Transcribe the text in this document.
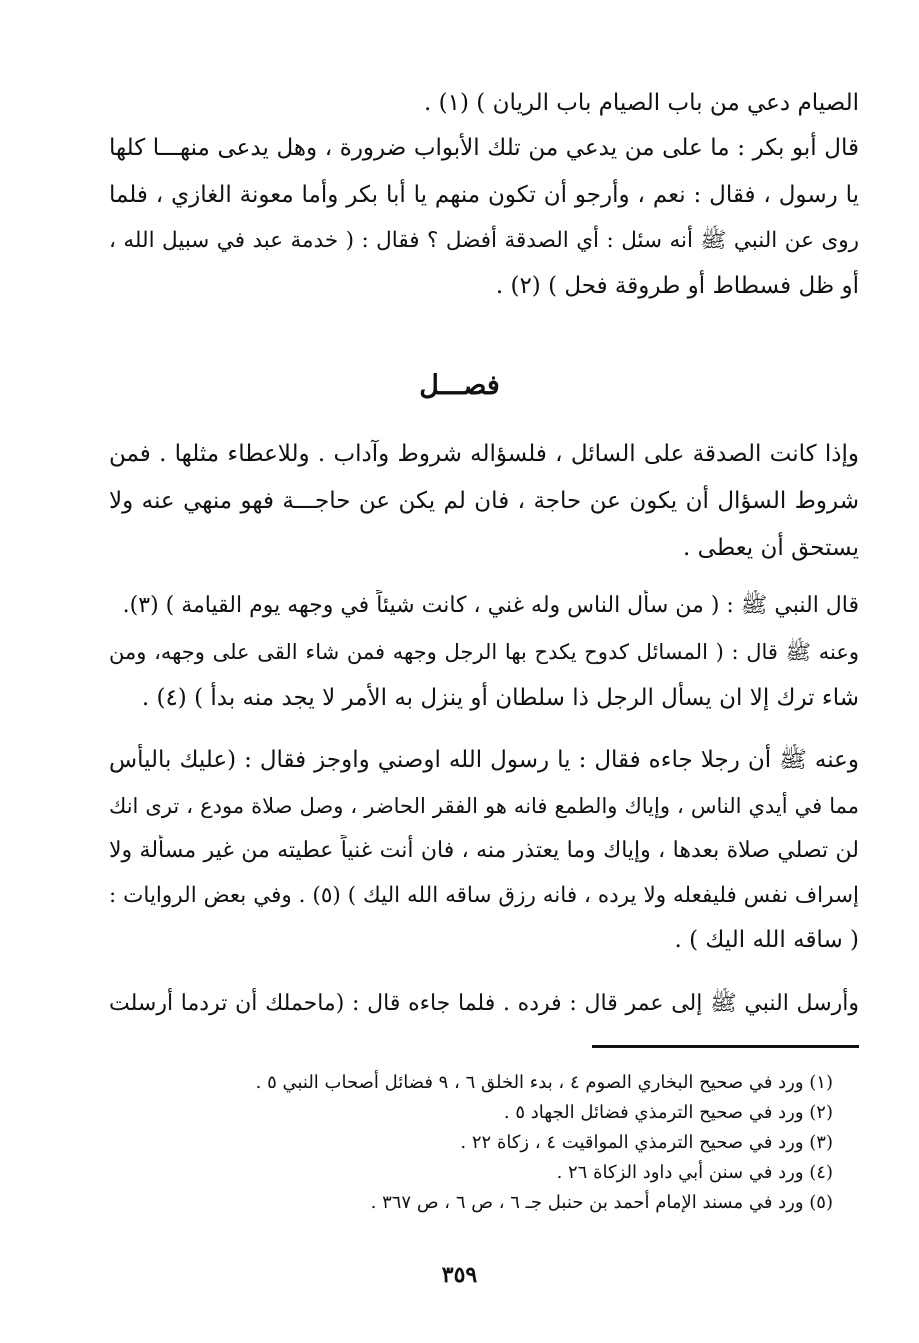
الصيام دعي من باب الصيام باب الريان ) (١) .
قال أبو بكر : ما على من يدعي من تلك الأبواب ضرورة ، وهل يدعى منهـــا كلها
يا رسول ، فقال : نعم ، وأرجو أن تكون منهم يا أبا بكر وأما معونة الغازي ، فلما
روى عن النبي ﷺ أنه سئل : أي الصدقة أفضل ؟ فقال : ( خدمة عبد في سبيل الله ،
أو ظل فسطاط أو طروقة فحل ) (٢) .
فصـــل
وإذا كانت الصدقة على السائل ، فلسؤاله شروط وآداب . وللاعطاء مثلها . فمن
شروط السؤال أن يكون عن حاجة ، فان لم يكن عن حاجـــة فهو منهي عنه ولا
يستحق أن يعطى .
قال النبي ﷺ : ( من سأل الناس وله غني ، كانت شيئاً في وجهه يوم القيامة ) (٣).
وعنه ﷺ قال : ( المسائل كدوح يكدح بها الرجل وجهه فمن شاء القى على وجهه، ومن
شاء ترك إلا ان يسأل الرجل ذا سلطان أو ينزل به الأمر لا يجد منه بدأ ) (٤) .
وعنه ﷺ أن رجلا جاءه فقال : يا رسول الله اوصني واوجز فقال : (عليك باليأس
مما في أيدي الناس ، وإياك والطمع فانه هو الفقر الحاضر ، وصل صلاة مودع ، ترى انك
لن تصلي صلاة بعدها ، وإياك وما يعتذر منه ، فان أنت غنياً عطيته من غير مسألة ولا
إسراف نفس فليفعله ولا يرده ، فانه رزق ساقه الله اليك ) (٥) . وفي بعض الروايات :
( ساقه الله اليك ) .
وأرسل النبي ﷺ إلى عمر قال : فرده . فلما جاءه قال : (ماحملك أن تردما أرسلت
(١) ورد في صحيح البخاري الصوم ٤ ، بدء الخلق ٦ ، ٩ فضائل أصحاب النبي ٥ .
(٢) ورد في صحيح الترمذي فضائل الجهاد ٥ .
(٣) ورد في صحيح الترمذي المواقيت ٤ ، زكاة ٢٢ .
(٤) ورد في سنن أبي داود الزكاة ٢٦ .
(٥) ورد في مسند الإمام أحمد بن حنبل جـ ٦ ، ص ٦ ، ص ٣٦٧ .
٣٥٩
